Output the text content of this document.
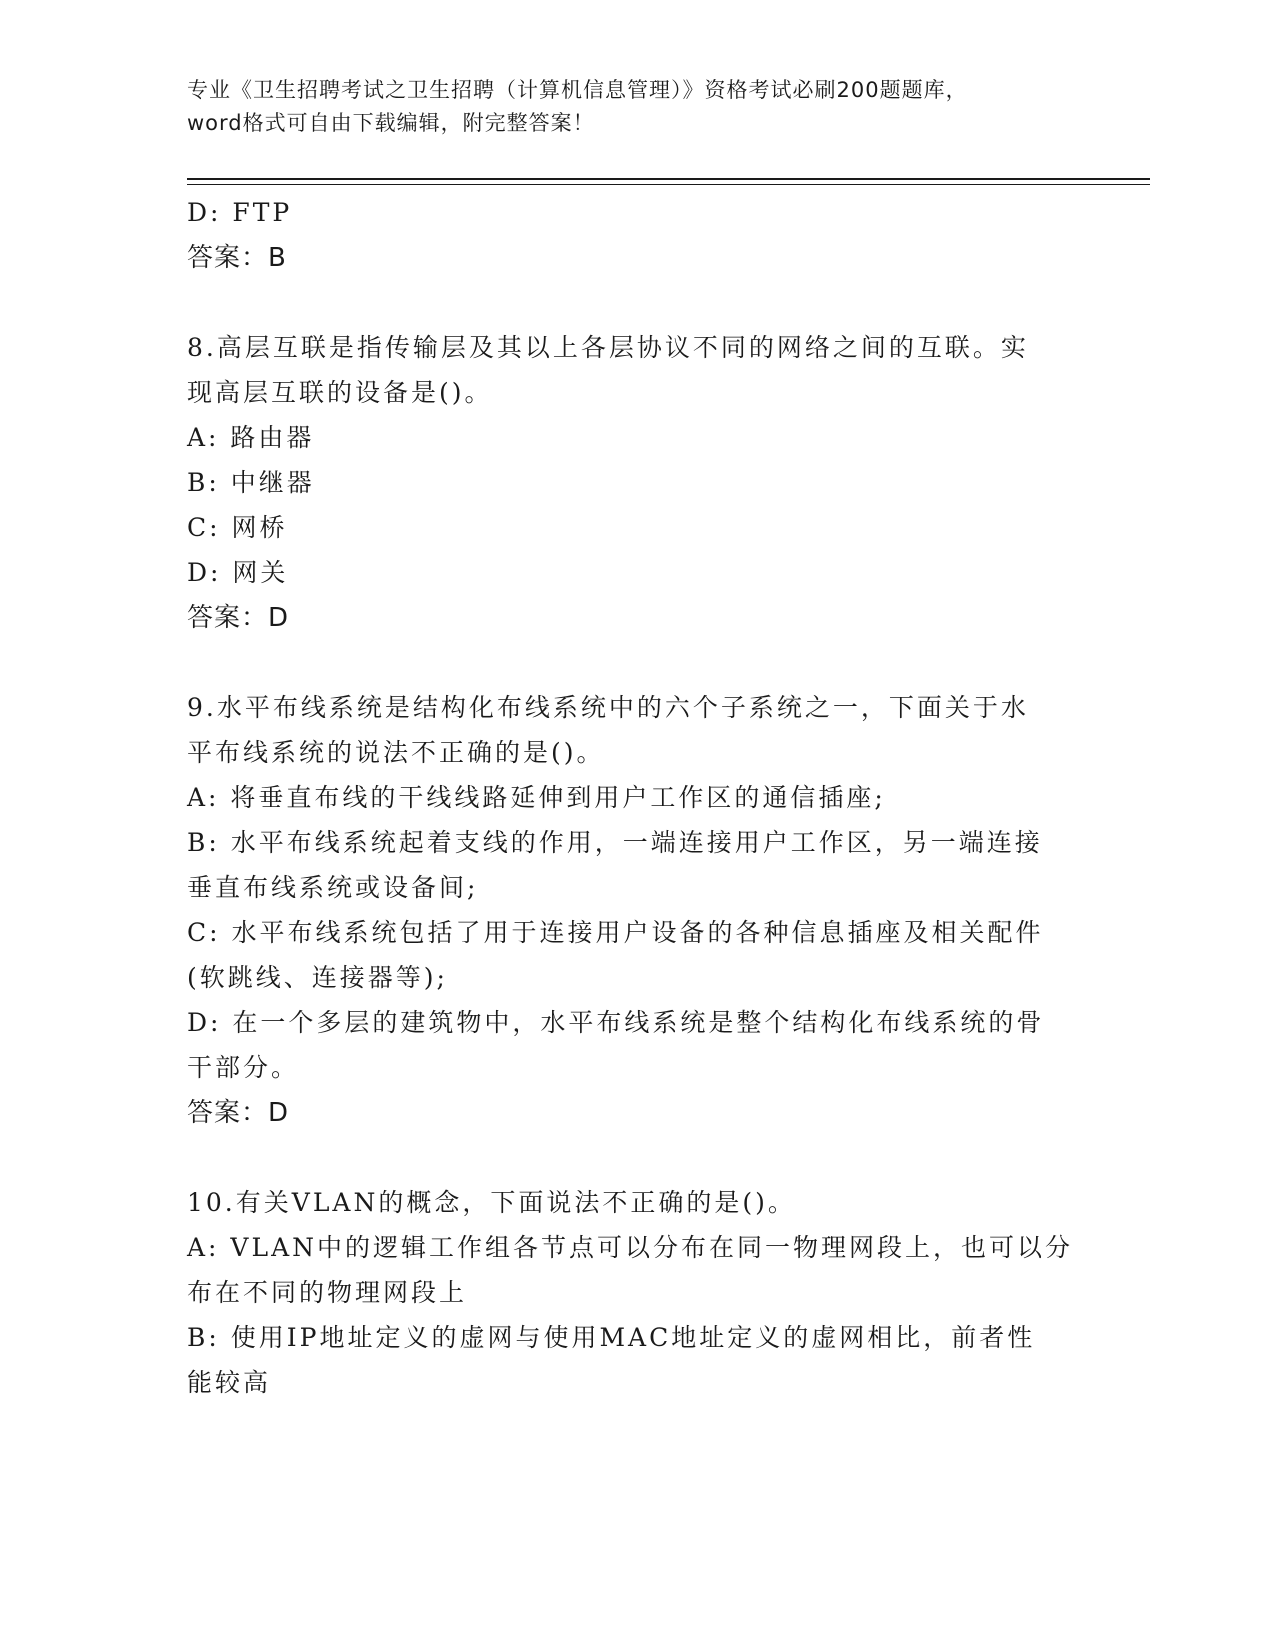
专业《卫生招聘考试之卫生招聘（计算机信息管理）》资格考试必刷200题题库，
word格式可自由下载编辑，附完整答案！

D: FTP

答案：B

8.高层互联是指传输层及其以上各层协议不同的网络之间的互联。实

现高层互联的设备是()。

A: 路由器

B: 中继器

C: 网桥

D: 网关

答案：D

9.水平布线系统是结构化布线系统中的六个子系统之一，下面关于水

平布线系统的说法不正确的是()。

A: 将垂直布线的干线线路延伸到用户工作区的通信插座;

B: 水平布线系统起着支线的作用，一端连接用户工作区，另一端连接

垂直布线系统或设备间;

C: 水平布线系统包括了用于连接用户设备的各种信息插座及相关配件

(软跳线、连接器等);

D: 在一个多层的建筑物中，水平布线系统是整个结构化布线系统的骨

干部分。

答案：D

10.有关VLAN的概念，下面说法不正确的是()。

A: VLAN中的逻辑工作组各节点可以分布在同一物理网段上，也可以分

布在不同的物理网段上

B: 使用IP地址定义的虚网与使用MAC地址定义的虚网相比，前者性

能较高
